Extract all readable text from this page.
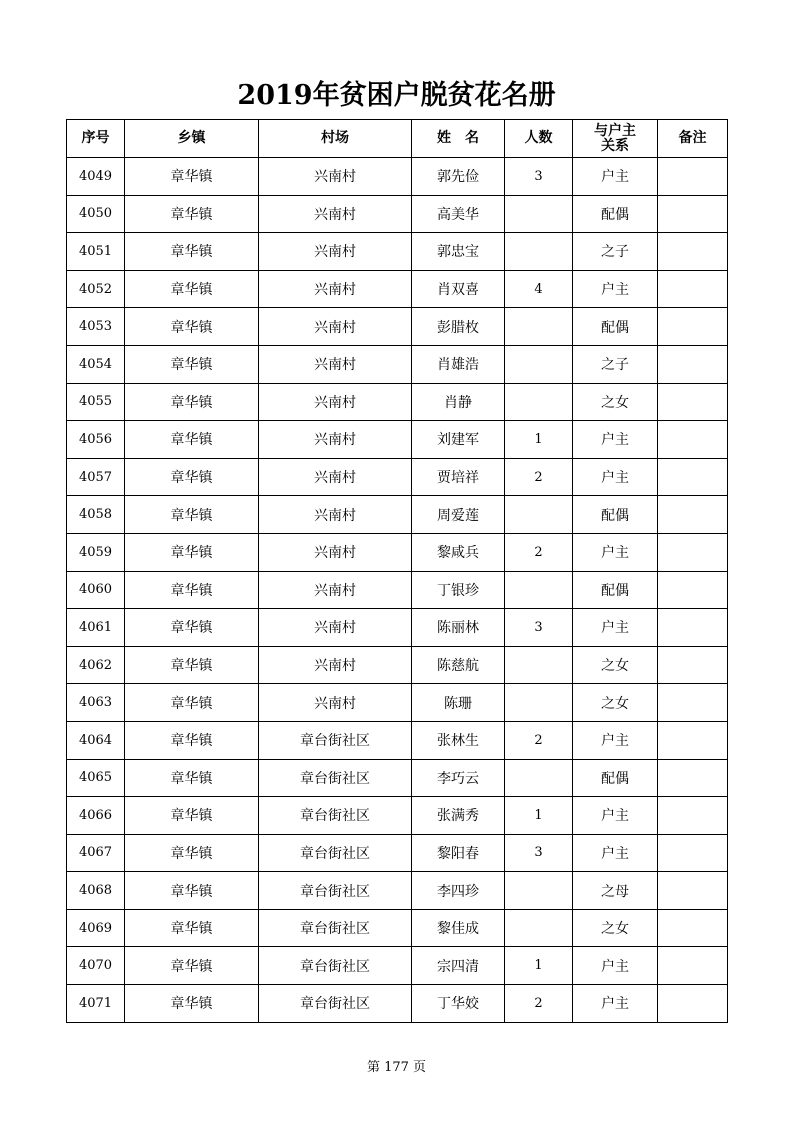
2019年贫困户脱贫花名册
序号	乡镇	村场	姓　名	人数	与户主关系	备注
4049	章华镇	兴南村	郭先俭	3	户主	
4050	章华镇	兴南村	高美华		配偶	
4051	章华镇	兴南村	郭忠宝		之子	
4052	章华镇	兴南村	肖双喜	4	户主	
4053	章华镇	兴南村	彭腊枚		配偶	
4054	章华镇	兴南村	肖雄浩		之子	
4055	章华镇	兴南村	肖静		之女	
4056	章华镇	兴南村	刘建军	1	户主	
4057	章华镇	兴南村	贾培祥	2	户主	
4058	章华镇	兴南村	周爱莲		配偶	
4059	章华镇	兴南村	黎咸兵	2	户主	
4060	章华镇	兴南村	丁银珍		配偶	
4061	章华镇	兴南村	陈丽林	3	户主	
4062	章华镇	兴南村	陈慈航		之女	
4063	章华镇	兴南村	陈珊		之女	
4064	章华镇	章台街社区	张林生	2	户主	
4065	章华镇	章台街社区	李巧云		配偶	
4066	章华镇	章台街社区	张满秀	1	户主	
4067	章华镇	章台街社区	黎阳春	3	户主	
4068	章华镇	章台街社区	李四珍		之母	
4069	章华镇	章台街社区	黎佳成		之女	
4070	章华镇	章台街社区	宗四清	1	户主	
4071	章华镇	章台街社区	丁华姣	2	户主	
第 177 页
